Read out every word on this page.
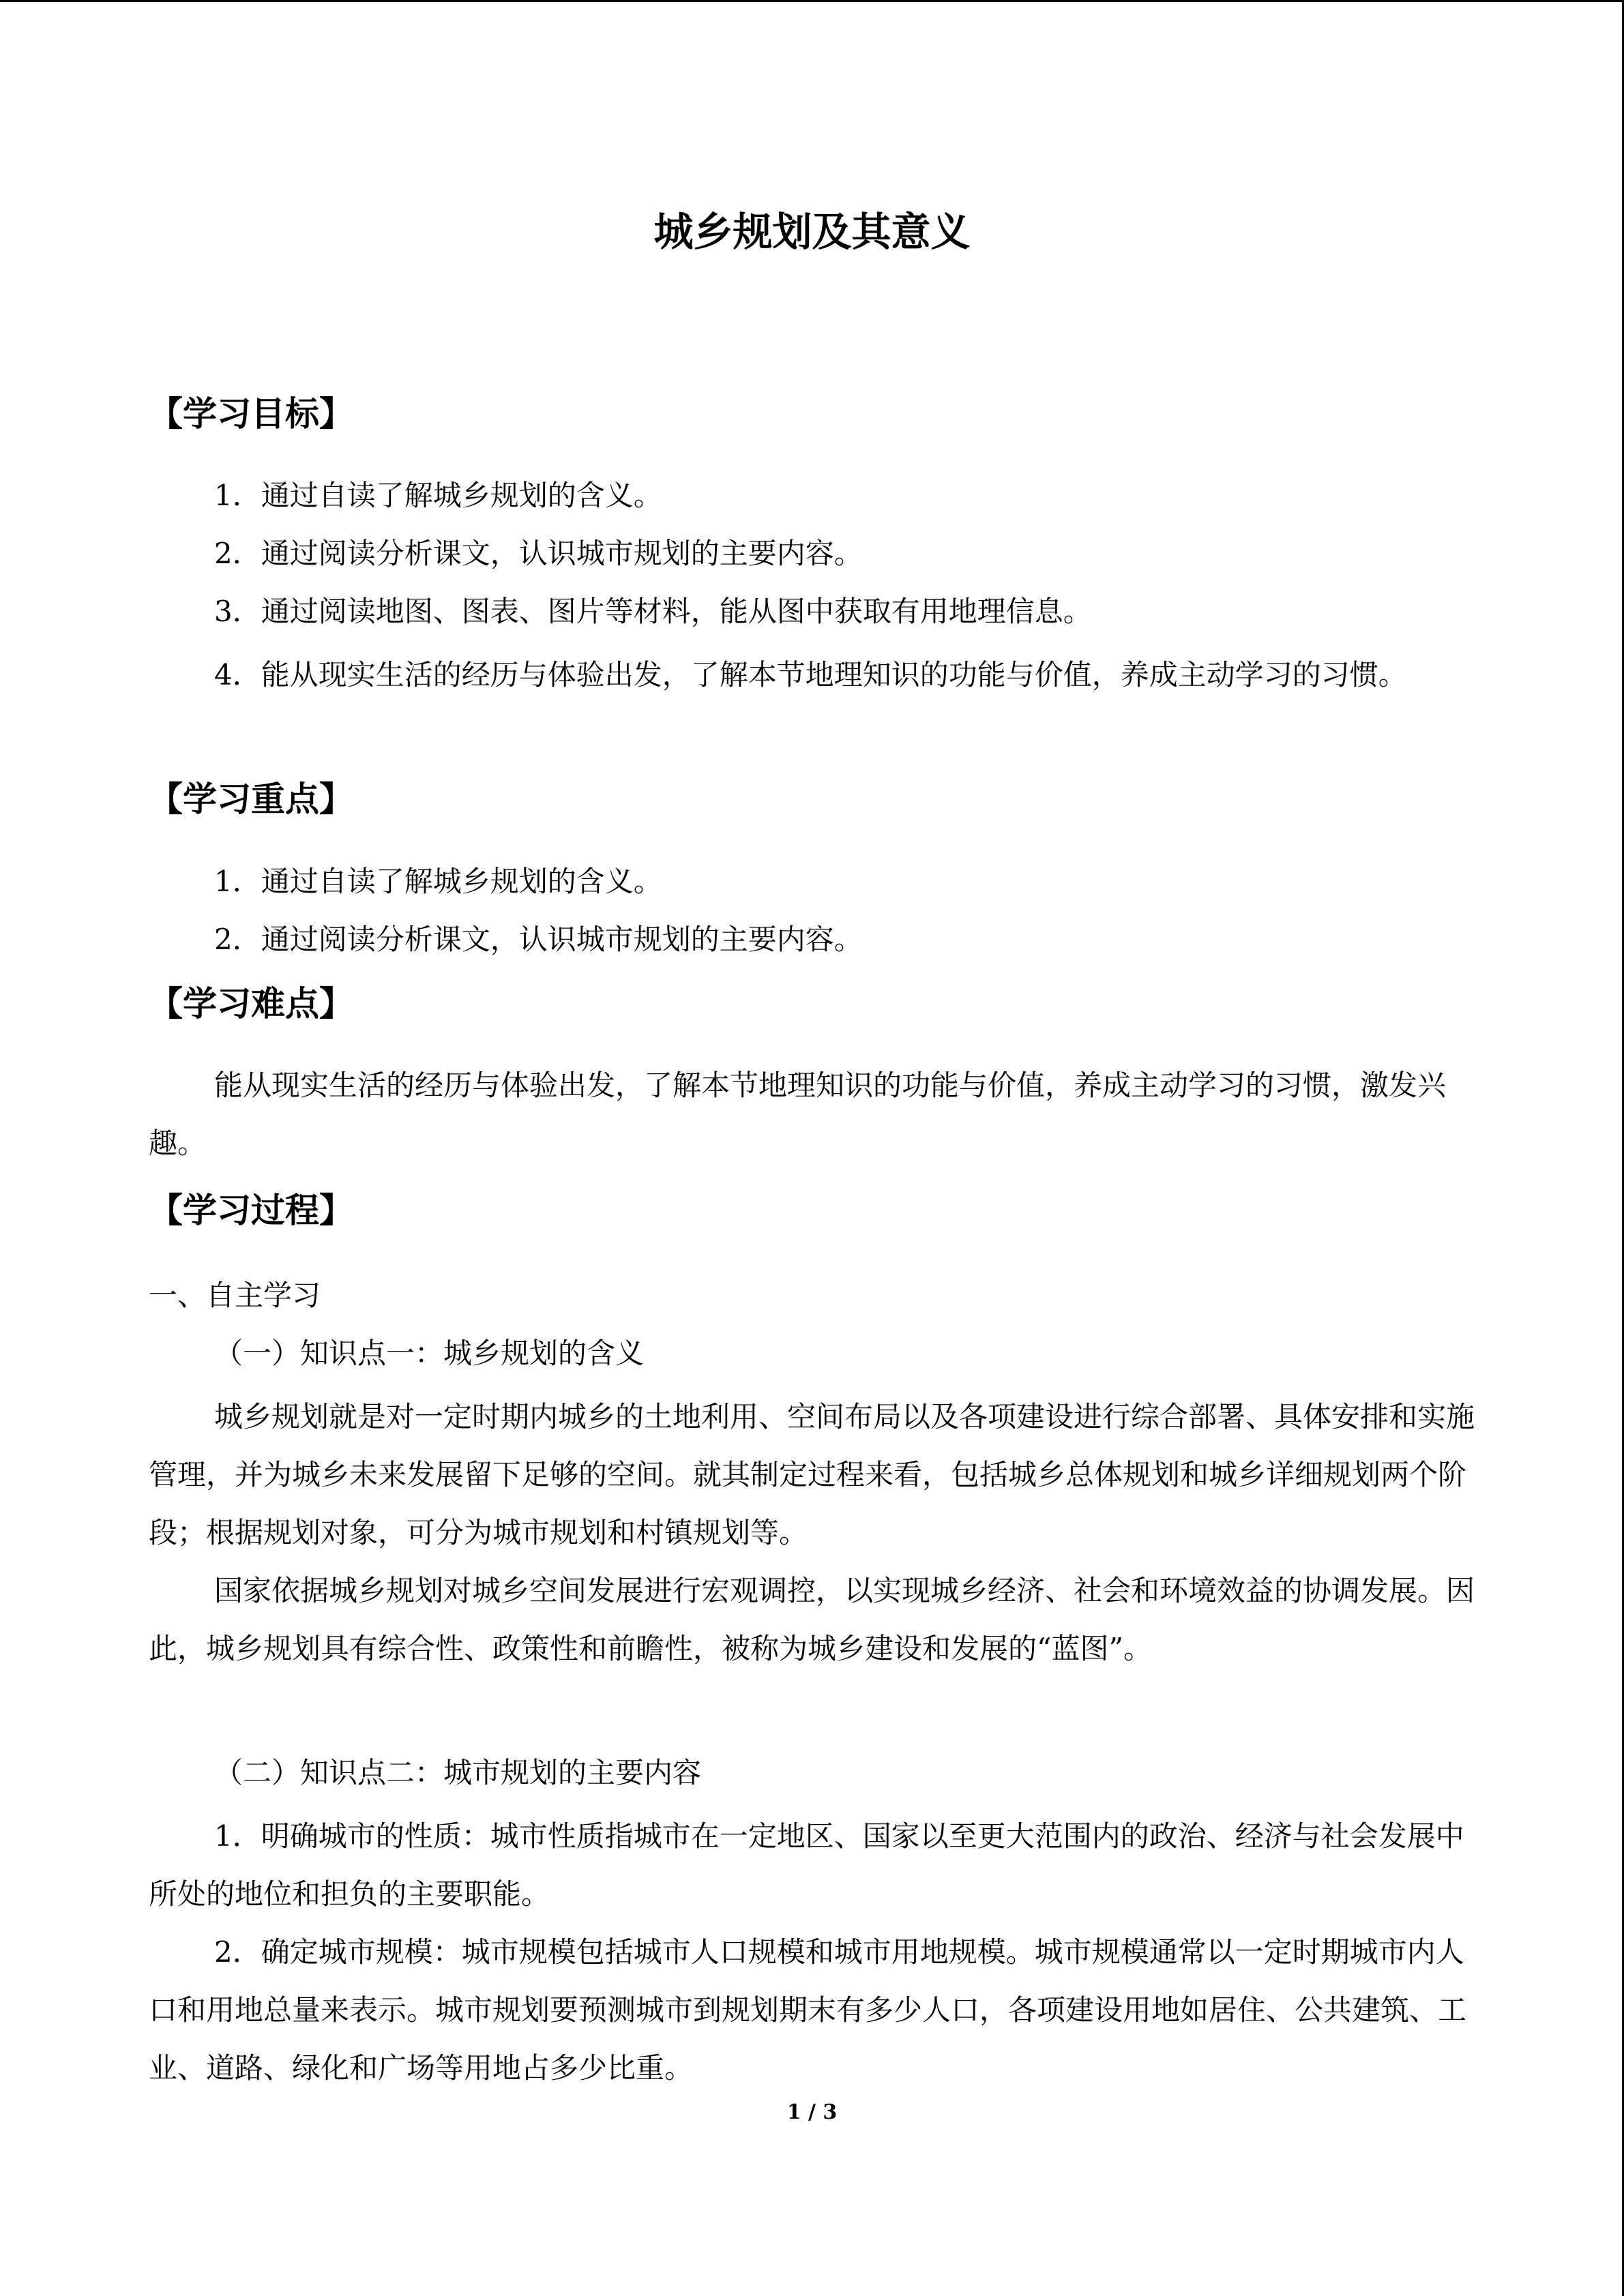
城乡规划及其意义
【学习目标】

1．通过自读了解城乡规划的含义。

2．通过阅读分析课文，认识城市规划的主要内容。

3．通过阅读地图、图表、图片等材料，能从图中获取有用地理信息。

4．能从现实生活的经历与体验出发，了解本节地理知识的功能与价值，养成主动学习的习惯。

【学习重点】

1．通过自读了解城乡规划的含义。

2．通过阅读分析课文，认识城市规划的主要内容。

【学习难点】

能从现实生活的经历与体验出发，了解本节地理知识的功能与价值，养成主动学习的习惯，激发兴趣。

【学习过程】

一、自主学习

（一）知识点一：城乡规划的含义

城乡规划就是对一定时期内城乡的土地利用、空间布局以及各项建设进行综合部署、具体安排和实施管理，并为城乡未来发展留下足够的空间。就其制定过程来看，包括城乡总体规划和城乡详细规划两个阶段；根据规划对象，可分为城市规划和村镇规划等。

国家依据城乡规划对城乡空间发展进行宏观调控，以实现城乡经济、社会和环境效益的协调发展。因此，城乡规划具有综合性、政策性和前瞻性，被称为城乡建设和发展的“蓝图”。

（二）知识点二：城市规划的主要内容

1．明确城市的性质：城市性质指城市在一定地区、国家以至更大范围内的政治、经济与社会发展中所处的地位和担负的主要职能。

2．确定城市规模：城市规模包括城市人口规模和城市用地规模。城市规模通常以一定时期城市内人口和用地总量来表示。城市规划要预测城市到规划期末有多少人口，各项建设用地如居住、公共建筑、工业、道路、绿化和广场等用地占多少比重。

1 / 3
